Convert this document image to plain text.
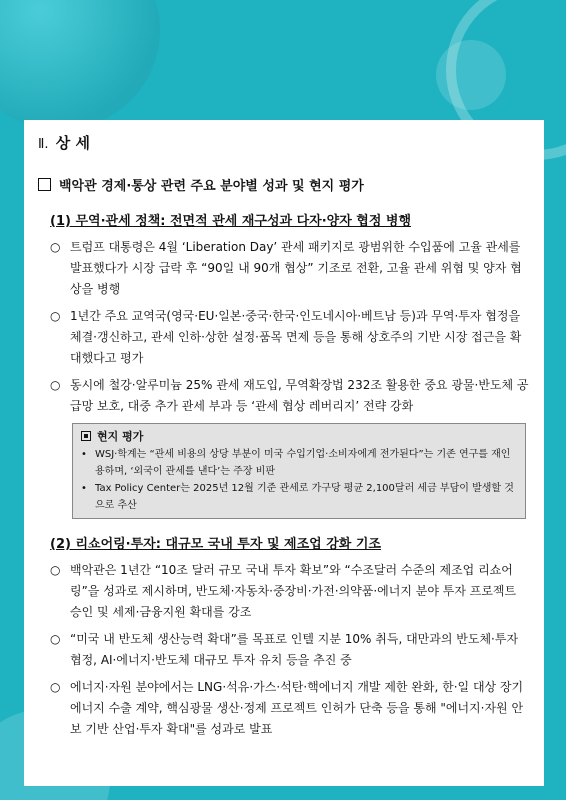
Ⅱ. 상 세
백악관 경제·통상 관련 주요 분야별 성과 및 현지 평가
(1) 무역·관세 정책: 전면적 관세 재구성과 다자·양자 협정 병행
○ 트럼프 대통령은 4월 ‘Liberation Day’ 관세 패키지로 광범위한 수입품에 고율 관세를 발표했다가 시장 급락 후 “90일 내 90개 협상” 기조로 전환, 고율 관세 위협 및 양자 협상을 병행
○ 1년간 주요 교역국(영국·EU·일본·중국·한국·인도네시아·베트남 등)과 무역·투자 협정을 체결·갱신하고, 관세 인하·상한 설정·품목 면제 등을 통해 상호주의 기반 시장 접근을 확대했다고 평가
○ 동시에 철강·알루미늄 25% 관세 재도입, 무역확장법 232조 활용한 중요 광물·반도체 공급망 보호, 대중 추가 관세 부과 등 ‘관세 협상 레버리지’ 전략 강화
현지 평가
• WSJ·학계는 “관세 비용의 상당 부분이 미국 수입기업·소비자에게 전가된다”는 기존 연구를 재인용하며, ‘외국이 관세를 낸다’는 주장 비판
• Tax Policy Center는 2025년 12월 기준 관세로 가구당 평균 2,100달러 세금 부담이 발생할 것으로 추산
(2) 리쇼어링·투자: 대규모 국내 투자 및 제조업 강화 기조
○ 백악관은 1년간 “10조 달러 규모 국내 투자 확보”와 “수조달러 수준의 제조업 리쇼어링”을 성과로 제시하며, 반도체·자동차·중장비·가전·의약품·에너지 분야 투자 프로젝트 승인 및 세제·금융지원 확대를 강조
○ “미국 내 반도체 생산능력 확대”를 목표로 인텔 지분 10% 취득, 대만과의 반도체·투자 협정, AI·에너지·반도체 대규모 투자 유치 등을 추진 중
○ 에너지·자원 분야에서는 LNG·석유·가스·석탄·핵에너지 개발 제한 완화, 한·일 대상 장기 에너지 수출 계약, 핵심광물 생산·정제 프로젝트 인허가 단축 등을 통해 "에너지·자원 안보 기반 산업·투자 확대"를 성과로 발표
